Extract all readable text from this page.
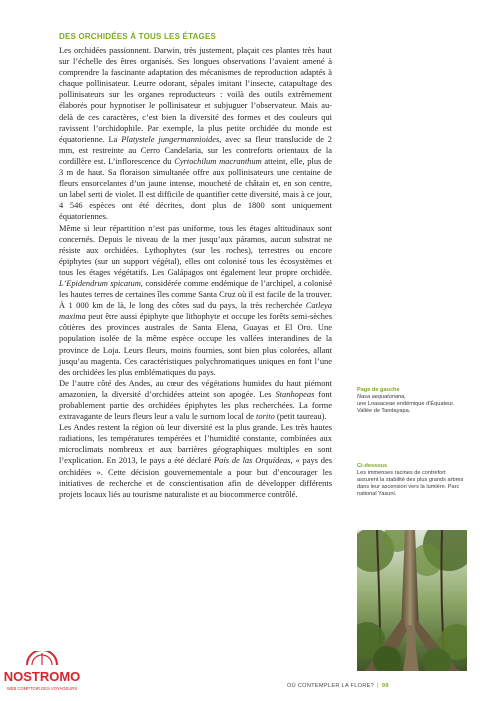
DES ORCHIDÉES À TOUS LES ÉTAGES

Les orchidées passionnent. Darwin, très justement, plaçait ces plantes très haut sur l’échelle des êtres organisés. Ses longues observations l’avaient amené à comprendre la fascinante adaptation des mécanismes de reproduction adaptés à chaque pollinisateur. Leurre odorant, sépales imitant l’insecte, catapultage des pollinisateurs sur les organes reproducteurs : voilà des outils extrêmement élaborés pour hypnotiser le pollinisateur et subjuguer l’observateur. Mais au-delà de ces caractères, c’est bien la diversité des formes et des couleurs qui ravissent l’orchidophile. Par exemple, la plus petite orchidée du monde est équatorienne. La Platystele jungermannioides, avec sa fleur translucide de 2 mm, est restreinte au Cerro Candelaria, sur les contreforts orientaux de la cordillère est. L’inflorescence du Cyrtochilum macranthum atteint, elle, plus de 3 m de haut. Sa floraison simultanée offre aux pollinisateurs une centaine de fleurs ensorcelantes d’un jaune intense, moucheté de châtain et, en son centre, un label serti de violet. Il est difficile de quantifier cette diversité, mais à ce jour, 4 546 espèces ont été décrites, dont plus de 1800 sont uniquement équatoriennes.

Même si leur répartition n’est pas uniforme, tous les étages altitudinaux sont concernés. Depuis le niveau de la mer jusqu’aux páramos, aucun substrat ne résiste aux orchidées. Lythophytes (sur les roches), terrestres ou encore épiphytes (sur un support végétal), elles ont colonisé tous les écosystèmes et tous les étages végétatifs. Les Galápagos ont également leur propre orchidée. L’Epidendrum spicatum, considérée comme endémique de l’archipel, a colonisé les hautes terres de certaines îles comme Santa Cruz où il est facile de la trouver. À 1 000 km de là, le long des côtes sud du pays, la très recherchée Catleya maxima peut être aussi épiphyte que lithophyte et occupe les forêts semi-sèches côtières des provinces australes de Santa Elena, Guayas et El Oro. Une population isolée de la même espèce occupe les vallées interandines de la province de Loja. Leurs fleurs, moins fournies, sont bien plus colorées, allant jusqu’au magenta. Ces caractéristiques polychromatiques uniques en font l’une des orchidées les plus emblématiques du pays.

De l’autre côté des Andes, au cœur des végétations humides du haut piémont amazonien, la diversité d’orchidées atteint son apogée. Les Stanhopeas font probablement partie des orchidées épiphytes les plus recherchées. La forme extravagante de leurs fleurs leur a valu le surnom local de torito (petit taureau).

Les Andes restent la région où leur diversité est la plus grande. Les très hautes radiations, les températures tempérées et l’humidité constante, combinées aux microclimats nombreux et aux barrières géographiques multiples en sont l’explication. En 2013, le pays a été déclaré País de las Orquídeas, « pays des orchidées ». Cette décision gouvernementale a pour but d’encourager les initiatives de recherche et de conscientisation afin de développer différents projets locaux liés au tourisme naturaliste et au biocommerce contrôlé.

Page de gauche
Nasa aequatonana,
une Loasaceae endémique d’Équateur. Vallée de Tandayapa.
Ci-dessous
Les immenses racines de contrefort assurent la stabilité des plus grands arbres dans leur ascension vers la lumière. Parc national Yasuni.
OÙ CONTEMPLER LA FLORE? | 99
NOSTROMO
WEB COMPTOIR DES VOYAGEURS
